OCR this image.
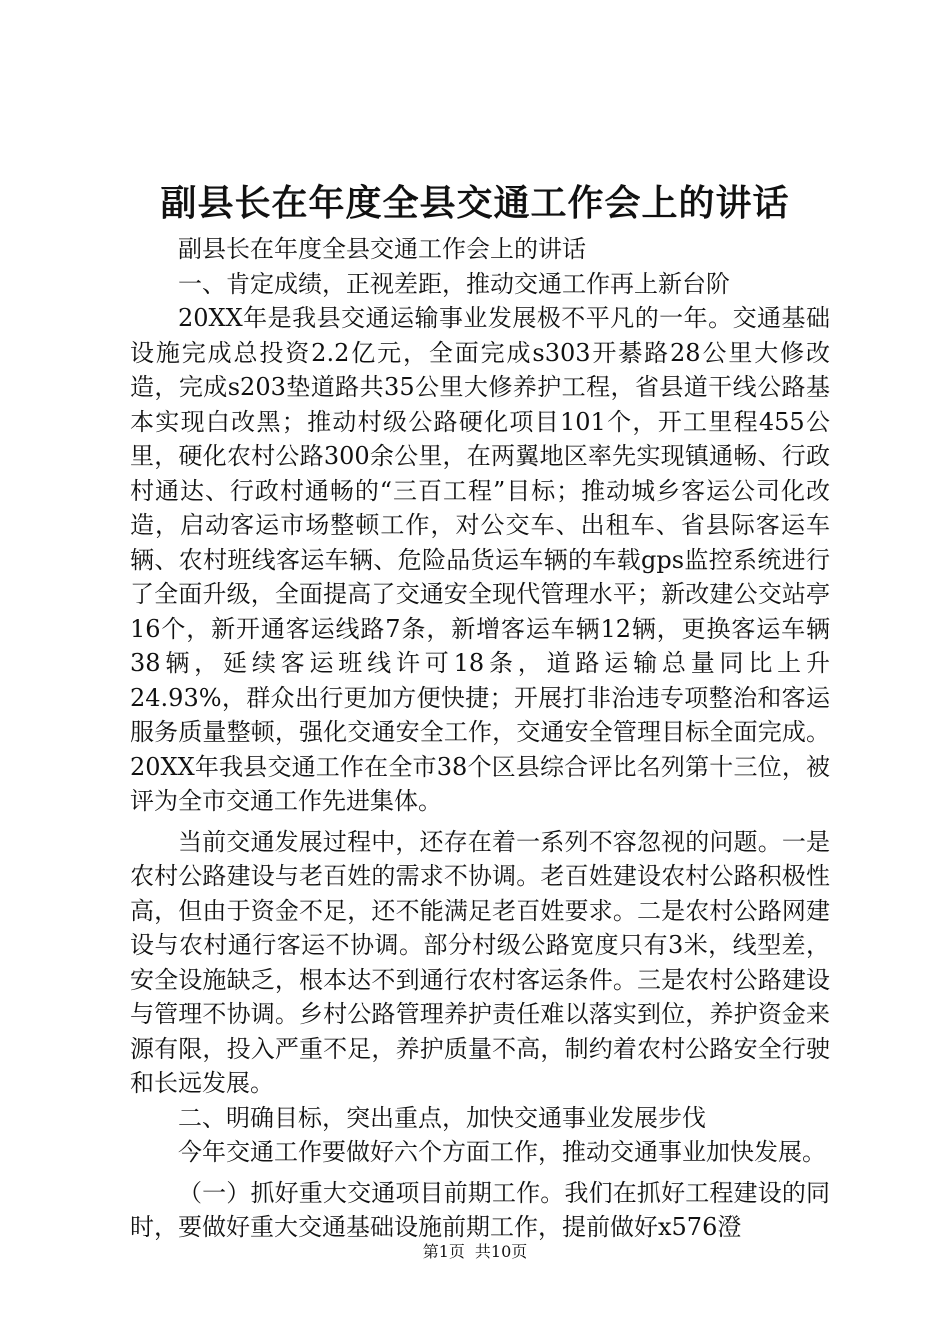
副县长在年度全县交通工作会上的讲话

副县长在年度全县交通工作会上的讲话

一、肯定成绩，正视差距，推动交通工作再上新台阶

20XX年是我县交通运输事业发展极不平凡的一年。交通基础设施完成总投资2.2亿元，全面完成s303开綦路28公里大修改造，完成s203垫道路共35公里大修养护工程，省县道干线公路基本实现白改黑；推动村级公路硬化项目101个，开工里程455公里，硬化农村公路300余公里，在两翼地区率先实现镇通畅、行政村通达、行政村通畅的“三百工程”目标；推动城乡客运公司化改造，启动客运市场整顿工作，对公交车、出租车、省县际客运车辆、农村班线客运车辆、危险品货运车辆的车载gps监控系统进行了全面升级，全面提高了交通安全现代管理水平；新改建公交站亭16个，新开通客运线路7条，新增客运车辆12辆，更换客运车辆38辆，延续客运班线许可18条，道路运输总量同比上升24.93%，群众出行更加方便快捷；开展打非治违专项整治和客运服务质量整顿，强化交通安全工作，交通安全管理目标全面完成。20XX年我县交通工作在全市38个区县综合评比名列第十三位，被评为全市交通工作先进集体。

当前交通发展过程中，还存在着一系列不容忽视的问题。一是农村公路建设与老百姓的需求不协调。老百姓建设农村公路积极性高，但由于资金不足，还不能满足老百姓要求。二是农村公路网建设与农村通行客运不协调。部分村级公路宽度只有3米，线型差，安全设施缺乏，根本达不到通行农村客运条件。三是农村公路建设与管理不协调。乡村公路管理养护责任难以落实到位，养护资金来源有限，投入严重不足，养护质量不高，制约着农村公路安全行驶和长远发展。

二、明确目标，突出重点，加快交通事业发展步伐

今年交通工作要做好六个方面工作，推动交通事业加快发展。

（一）抓好重大交通项目前期工作。我们在抓好工程建设的同时，要做好重大交通基础设施前期工作，提前做好x576澄

第1页 共10页
